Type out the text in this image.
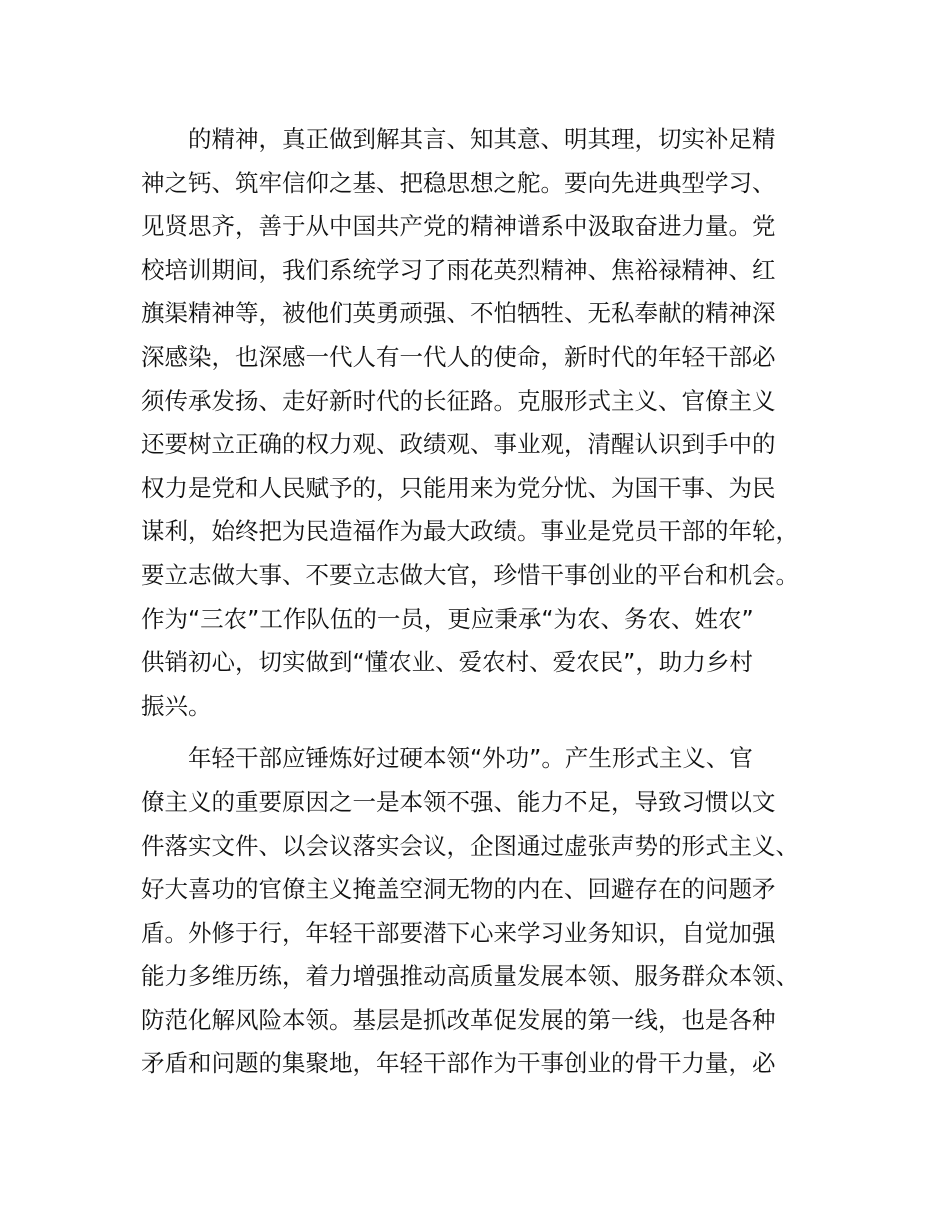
的精神，真正做到解其言、知其意、明其理，切实补足精
神之钙、筑牢信仰之基、把稳思想之舵。要向先进典型学习、
见贤思齐，善于从中国共产党的精神谱系中汲取奋进力量。党
校培训期间，我们系统学习了雨花英烈精神、焦裕禄精神、红
旗渠精神等，被他们英勇顽强、不怕牺牲、无私奉献的精神深
深感染，也深感一代人有一代人的使命，新时代的年轻干部必
须传承发扬、走好新时代的长征路。克服形式主义、官僚主义
还要树立正确的权力观、政绩观、事业观，清醒认识到手中的
权力是党和人民赋予的，只能用来为党分忧、为国干事、为民
谋利，始终把为民造福作为最大政绩。事业是党员干部的年轮，
要立志做大事、不要立志做大官，珍惜干事创业的平台和机会。
作为“三农”工作队伍的一员，更应秉承“为农、务农、姓农”
供销初心，切实做到“懂农业、爱农村、爱农民”，助力乡村
振兴。
年轻干部应锤炼好过硬本领“外功”。产生形式主义、官
僚主义的重要原因之一是本领不强、能力不足，导致习惯以文
件落实文件、以会议落实会议，企图通过虚张声势的形式主义、
好大喜功的官僚主义掩盖空洞无物的内在、回避存在的问题矛
盾。外修于行，年轻干部要潜下心来学习业务知识，自觉加强
能力多维历练，着力增强推动高质量发展本领、服务群众本领、
防范化解风险本领。基层是抓改革促发展的第一线，也是各种
矛盾和问题的集聚地，年轻干部作为干事创业的骨干力量，必
